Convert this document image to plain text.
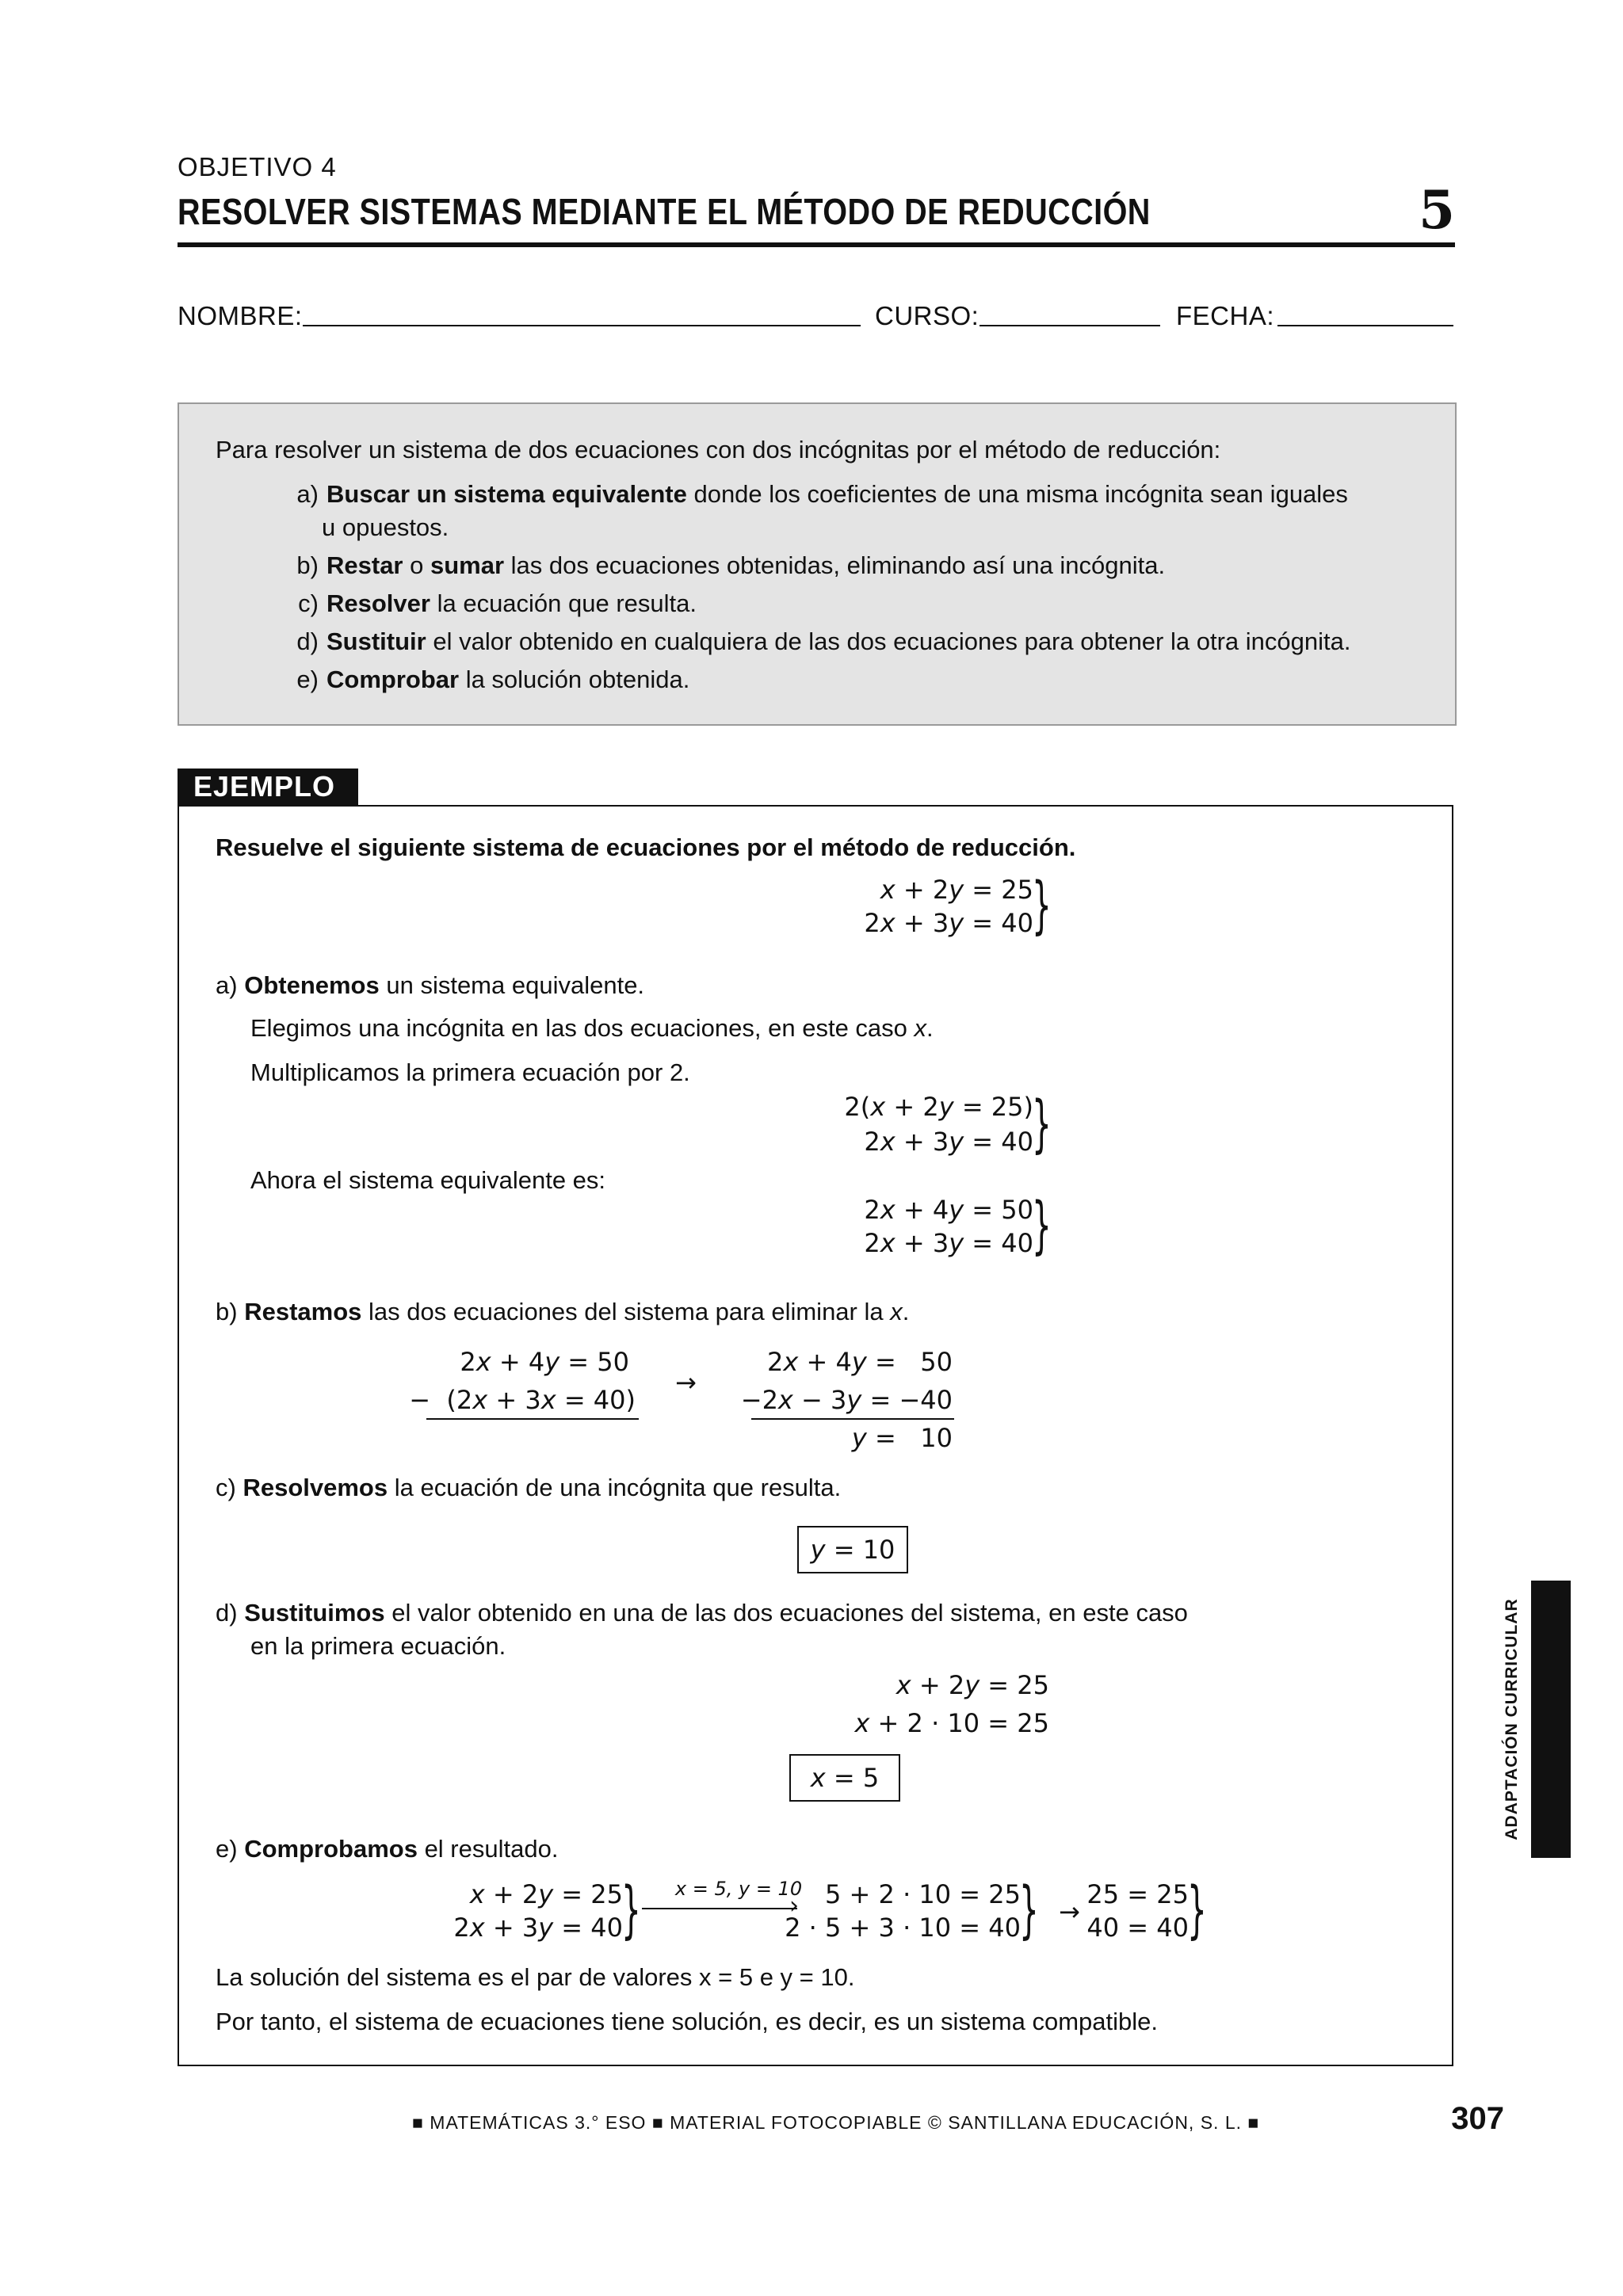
OBJETIVO 4
RESOLVER SISTEMAS MEDIANTE EL MÉTODO DE REDUCCIÓN	5
NOMBRE:	CURSO:	FECHA:
Para resolver un sistema de dos ecuaciones con dos incógnitas por el método de reducción:
a) Buscar un sistema equivalente donde los coeficientes de una misma incógnita sean iguales
u opuestos.
b) Restar o sumar las dos ecuaciones obtenidas, eliminando así una incógnita.
c) Resolver la ecuación que resulta.
d) Sustituir el valor obtenido en cualquiera de las dos ecuaciones para obtener la otra incógnita.
e) Comprobar la solución obtenida.
EJEMPLO
Resuelve el siguiente sistema de ecuaciones por el método de reducción.
x + 2y = 25
2x + 3y = 40
}
a) Obtenemos un sistema equivalente.
Elegimos una incógnita en las dos ecuaciones, en este caso x.
Multiplicamos la primera ecuación por 2.
2(x + 2y = 25)
2x + 3y = 40
}
Ahora el sistema equivalente es:
2x + 4y = 50
2x + 3y = 40
}
b) Restamos las dos ecuaciones del sistema para eliminar la x.
2x + 4y = 50
−  (2x + 3x = 40)
→
2x + 4y =   50
−2x − 3y = −40
y =   10
c) Resolvemos la ecuación de una incógnita que resulta.
y = 10
d) Sustituimos el valor obtenido en una de las dos ecuaciones del sistema, en este caso
en la primera ecuación.
x + 2y = 25
x + 2 · 10 = 25
x = 5
e) Comprobamos el resultado.
x + 2y = 25
2x + 3y = 40
}	x = 5, y = 10
› 5 + 2 · 10 = 25
2 · 5 + 3 · 10 = 40
} →
25 = 25
40 = 40
}
La solución del sistema es el par de valores x = 5 e y = 10.
Por tanto, el sistema de ecuaciones tiene solución, es decir, es un sistema compatible.
ADAPTACIÓN CURRICULAR
■ MATEMÁTICAS 3.° ESO ■ MATERIAL FOTOCOPIABLE © SANTILLANA EDUCACIÓN, S. L. ■	307
